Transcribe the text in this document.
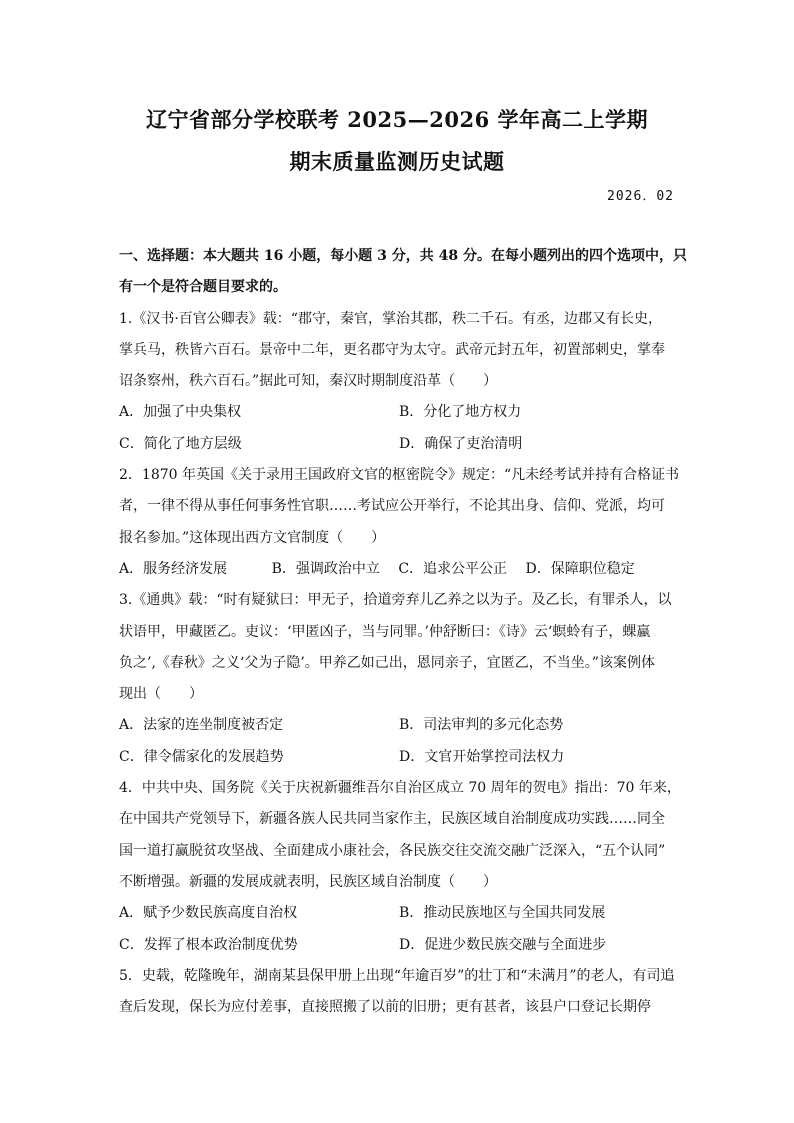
辽宁省部分学校联考 2025—2026 学年高二上学期
期末质量监测历史试题
2026．02
一、选择题：本大题共 16 小题，每小题 3 分，共 48 分。在每小题列出的四个选项中，只
有一个是符合题目要求的。
1.《汉书·百官公卿表》载：“郡守，秦官，掌治其郡，秩二千石。有丞，边郡又有长史，
掌兵马，秩皆六百石。景帝中二年，更名郡守为太守。武帝元封五年，初置部刺史，掌奉
诏条察州，秩六百石。”据此可知，秦汉时期制度沿革（　　）
A．加强了中央集权	B．分化了地方权力
C．简化了地方层级	D．确保了吏治清明
2．1870 年英国《关于录用王国政府文官的枢密院令》规定：“凡未经考试并持有合格证书
者，一律不得从事任何事务性官职……考试应公开举行，不论其出身、信仰、党派，均可
报名参加。”这体现出西方文官制度（　　）
A．服务经济发展	B．强调政治中立 C．追求公平公正 D．保障职位稳定
3.《通典》载：“时有疑狱曰：甲无子，拾道旁弃儿乙养之以为子。及乙长，有罪杀人，以
状语甲，甲藏匿乙。吏议：‘甲匿凶子，当与同罪。’仲舒断曰：《诗》云‘螟蛉有子，蜾蠃
负之’,《春秋》之义‘父为子隐’。甲养乙如己出，恩同亲子，宜匿乙，不当坐。”该案例体
现出（　　）
A．法家的连坐制度被否定	B．司法审判的多元化态势
C．律令儒家化的发展趋势	D．文官开始掌控司法权力
4．中共中央、国务院《关于庆祝新疆维吾尔自治区成立 70 周年的贺电》指出：70 年来，
在中国共产党领导下，新疆各族人民共同当家作主，民族区域自治制度成功实践……同全
国一道打赢脱贫攻坚战、全面建成小康社会，各民族交往交流交融广泛深入，“五个认同”
不断增强。新疆的发展成就表明，民族区域自治制度（　　）
A．赋予少数民族高度自治权	B．推动民族地区与全国共同发展
C．发挥了根本政治制度优势	D．促进少数民族交融与全面进步
5．史载，乾隆晚年，湖南某县保甲册上出现“年逾百岁”的壮丁和“未满月”的老人，有司追
查后发现，保长为应付差事，直接照搬了以前的旧册；更有甚者，该县户口登记长期停
